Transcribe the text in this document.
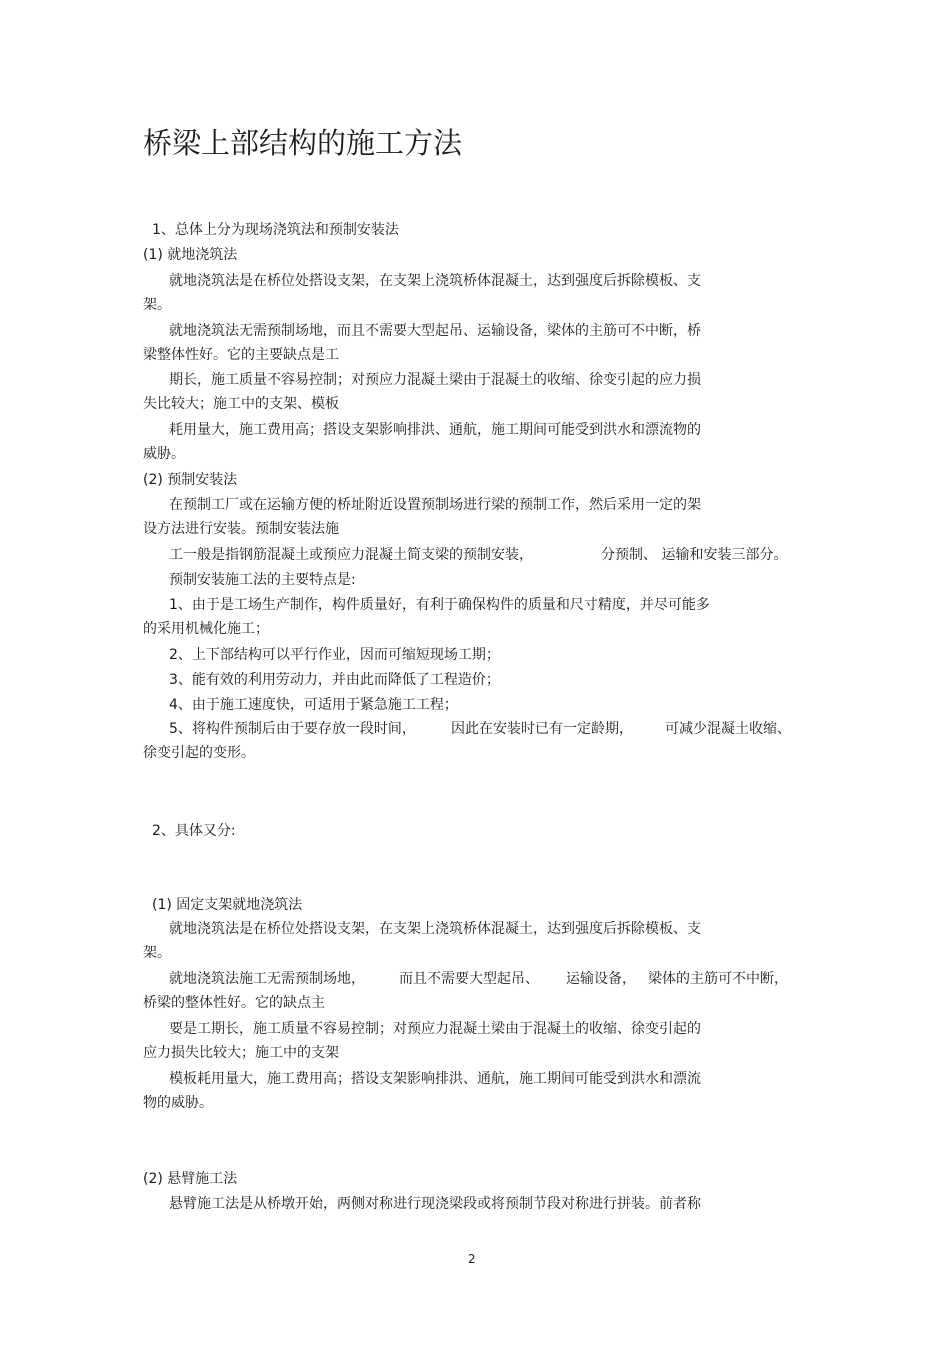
桥梁上部结构的施工方法
1、总体上分为现场浇筑法和预制安装法
(1) 就地浇筑法
就地浇筑法是在桥位处搭设支架，在支架上浇筑桥体混凝土，达到强度后拆除模板、支
架。
就地浇筑法无需预制场地，而且不需要大型起吊、运输设备，梁体的主筋可不中断，桥
梁整体性好。它的主要缺点是工
期长，施工质量不容易控制；对预应力混凝土梁由于混凝土的收缩、徐变引起的应力损
失比较大；施工中的支架、模板
耗用量大，施工费用高；搭设支架影响排洪、通航，施工期间可能受到洪水和漂流物的
威胁。
(2) 预制安装法
在预制工厂或在运输方便的桥址附近设置预制场进行梁的预制工作，然后采用一定的架
设方法进行安装。预制安装法施
工一般是指钢筋混凝土或预应力混凝土简支梁的预制安装，	分预制、 运输和安装三部分。
预制安装施工法的主要特点是:
1、由于是工场生产制作，构件质量好，有利于确保构件的质量和尺寸精度，并尽可能多
的采用机械化施工；
2、上下部结构可以平行作业，因而可缩短现场工期；
3、能有效的利用劳动力，并由此而降低了工程造价；
4、由于施工速度快，可适用于紧急施工工程；
5、将构件预制后由于要存放一段时间，	因此在安装时已有一定龄期， 可减少混凝土收缩、
徐变引起的变形。
2、具体又分:
(1) 固定支架就地浇筑法
就地浇筑法是在桥位处搭设支架，在支架上浇筑桥体混凝土，达到强度后拆除模板、支
架。
就地浇筑法施工无需预制场地， 而且不需要大型起吊、 运输设备， 梁体的主筋可不中断，
桥梁的整体性好。它的缺点主
要是工期长，施工质量不容易控制；对预应力混凝土梁由于混凝土的收缩、徐变引起的
应力损失比较大；施工中的支架
模板耗用量大，施工费用高；搭设支架影响排洪、通航，施工期间可能受到洪水和漂流
物的威胁。
(2) 悬臂施工法
悬臂施工法是从桥墩开始，两侧对称进行现浇梁段或将预制节段对称进行拼装。前者称
2
